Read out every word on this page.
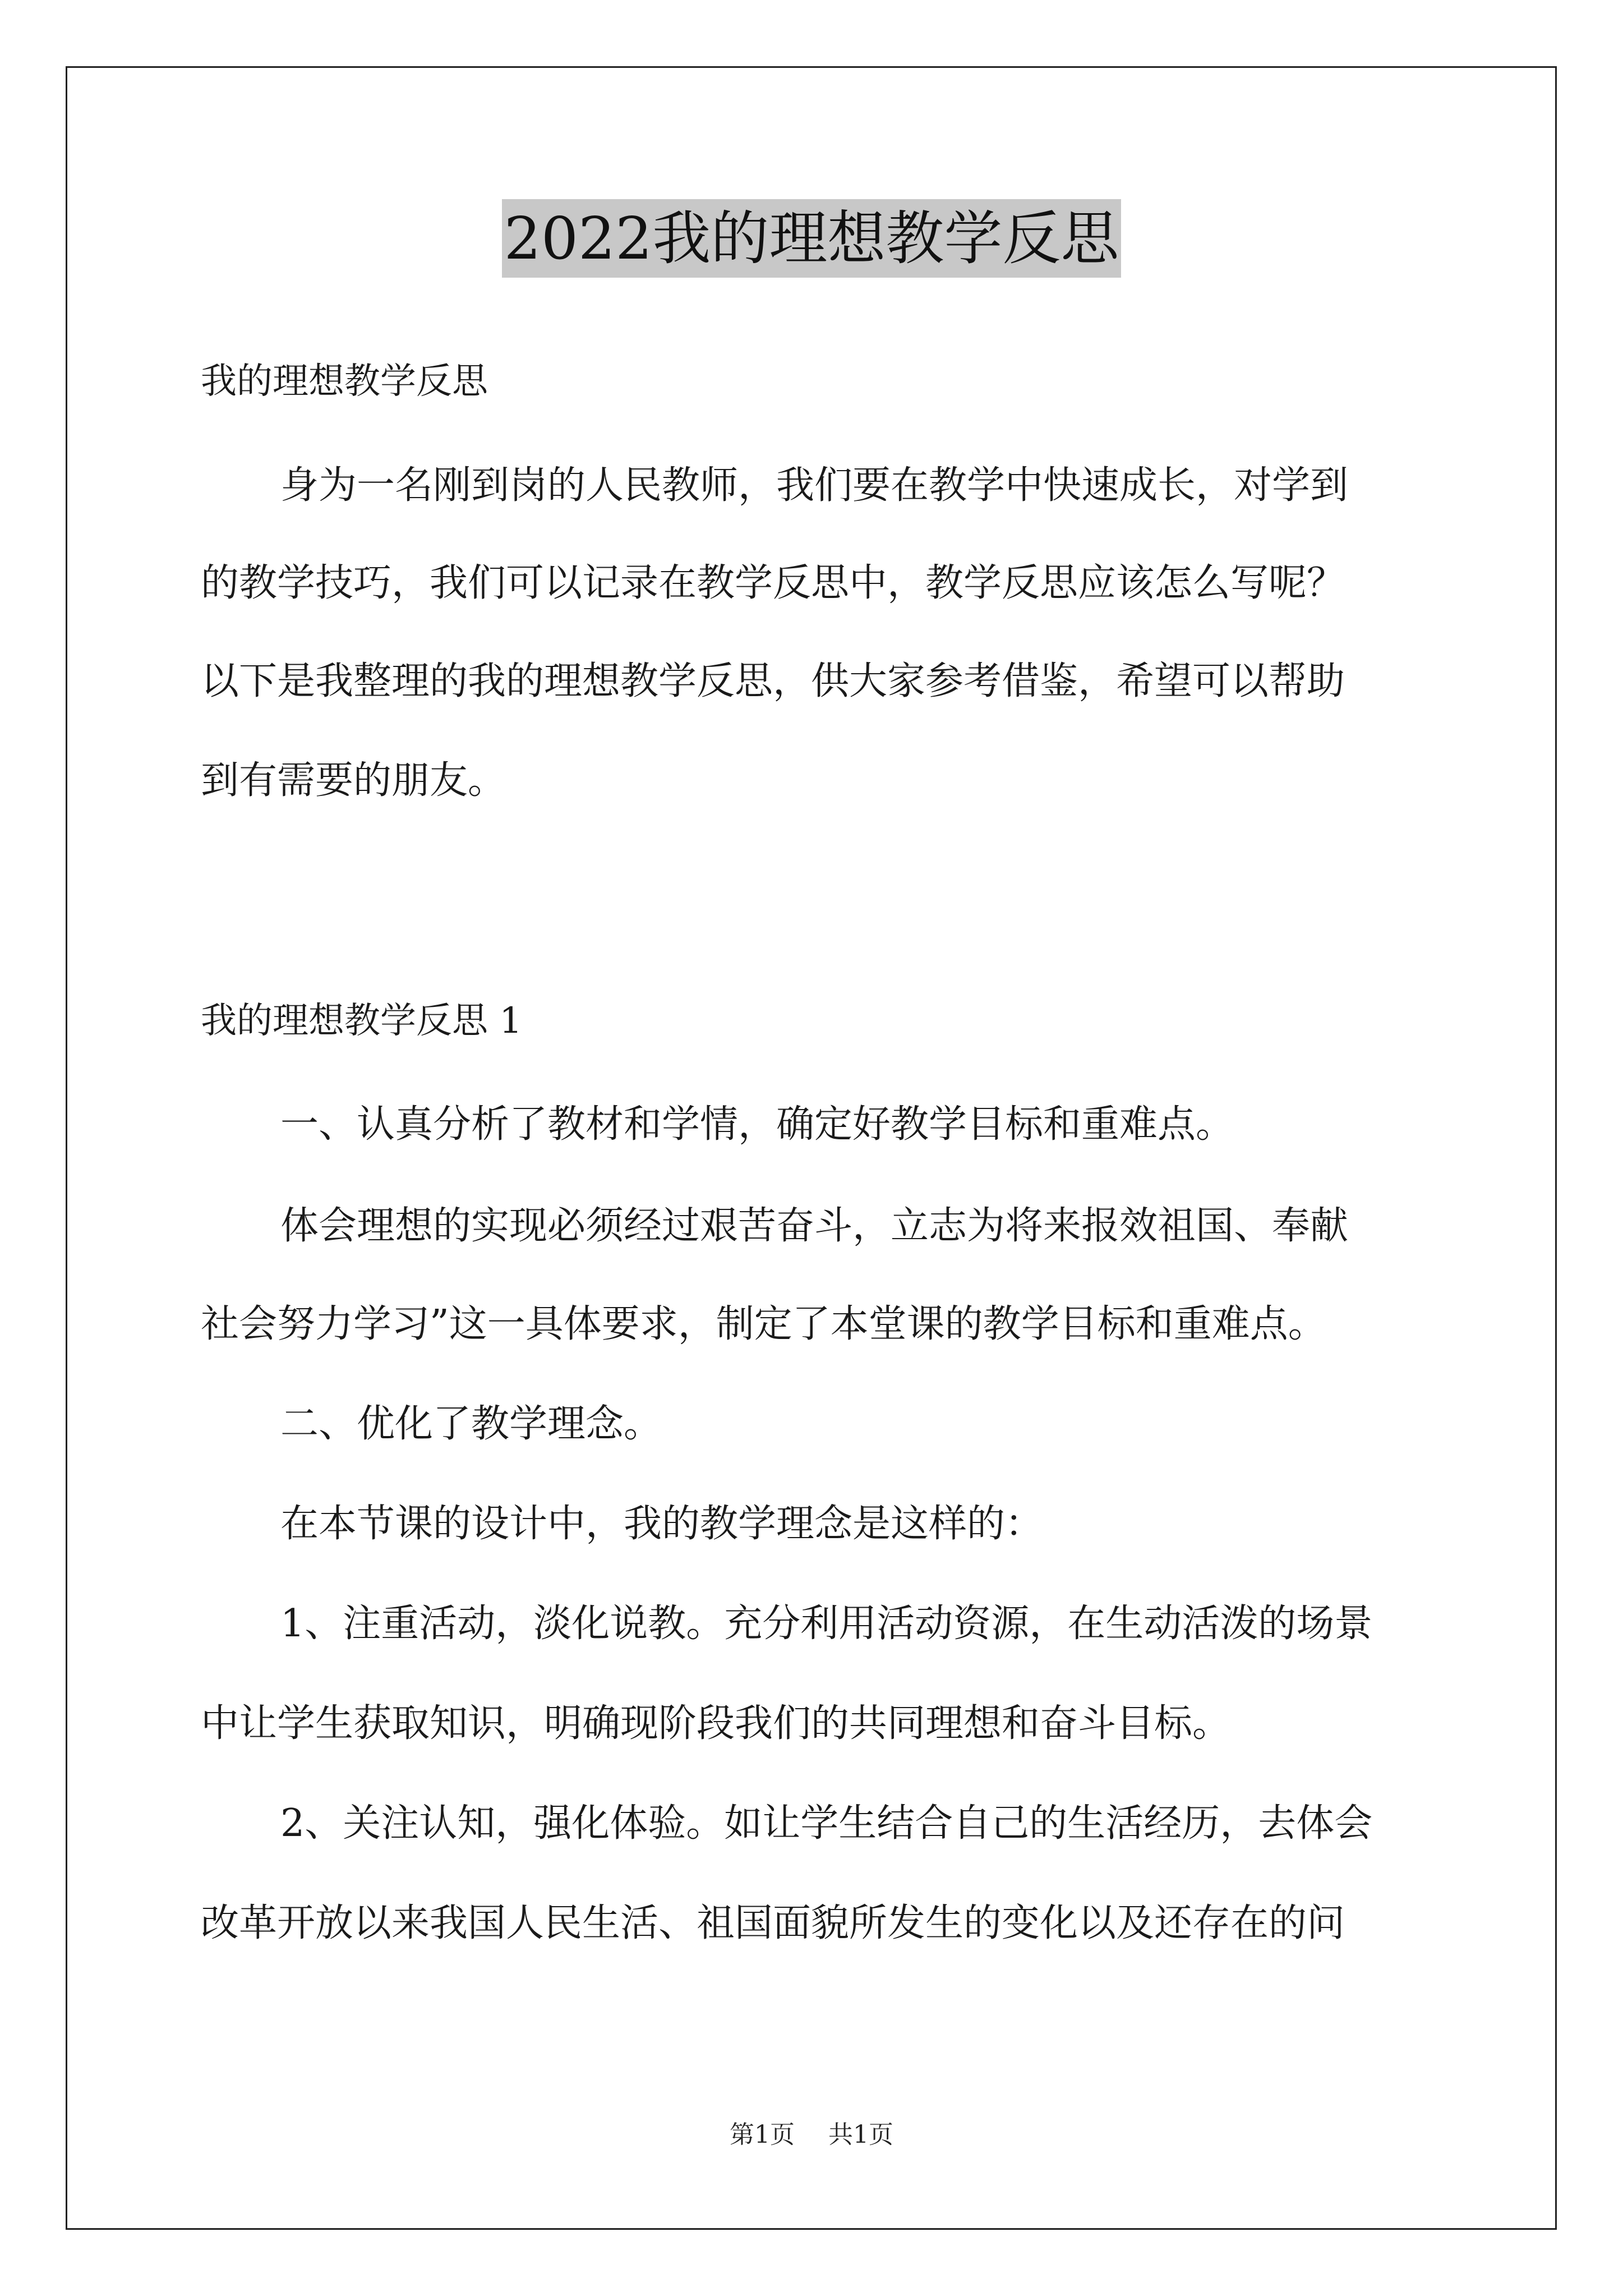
2022我的理想教学反思
我的理想教学反思
身为一名刚到岗的人民教师，我们要在教学中快速成长，对学到
的教学技巧，我们可以记录在教学反思中，教学反思应该怎么写呢？
以下是我整理的我的理想教学反思，供大家参考借鉴，希望可以帮助
到有需要的朋友。
我的理想教学反思 1
一、认真分析了教材和学情，确定好教学目标和重难点。
体会理想的实现必须经过艰苦奋斗，立志为将来报效祖国、奉献
社会努力学习”这一具体要求，制定了本堂课的教学目标和重难点。
二、优化了教学理念。
在本节课的设计中，我的教学理念是这样的：
1、注重活动，淡化说教。充分利用活动资源，在生动活泼的场景
中让学生获取知识，明确现阶段我们的共同理想和奋斗目标。
2、关注认知，强化体验。如让学生结合自己的生活经历，去体会
改革开放以来我国人民生活、祖国面貌所发生的变化以及还存在的问
第1页 共1页
